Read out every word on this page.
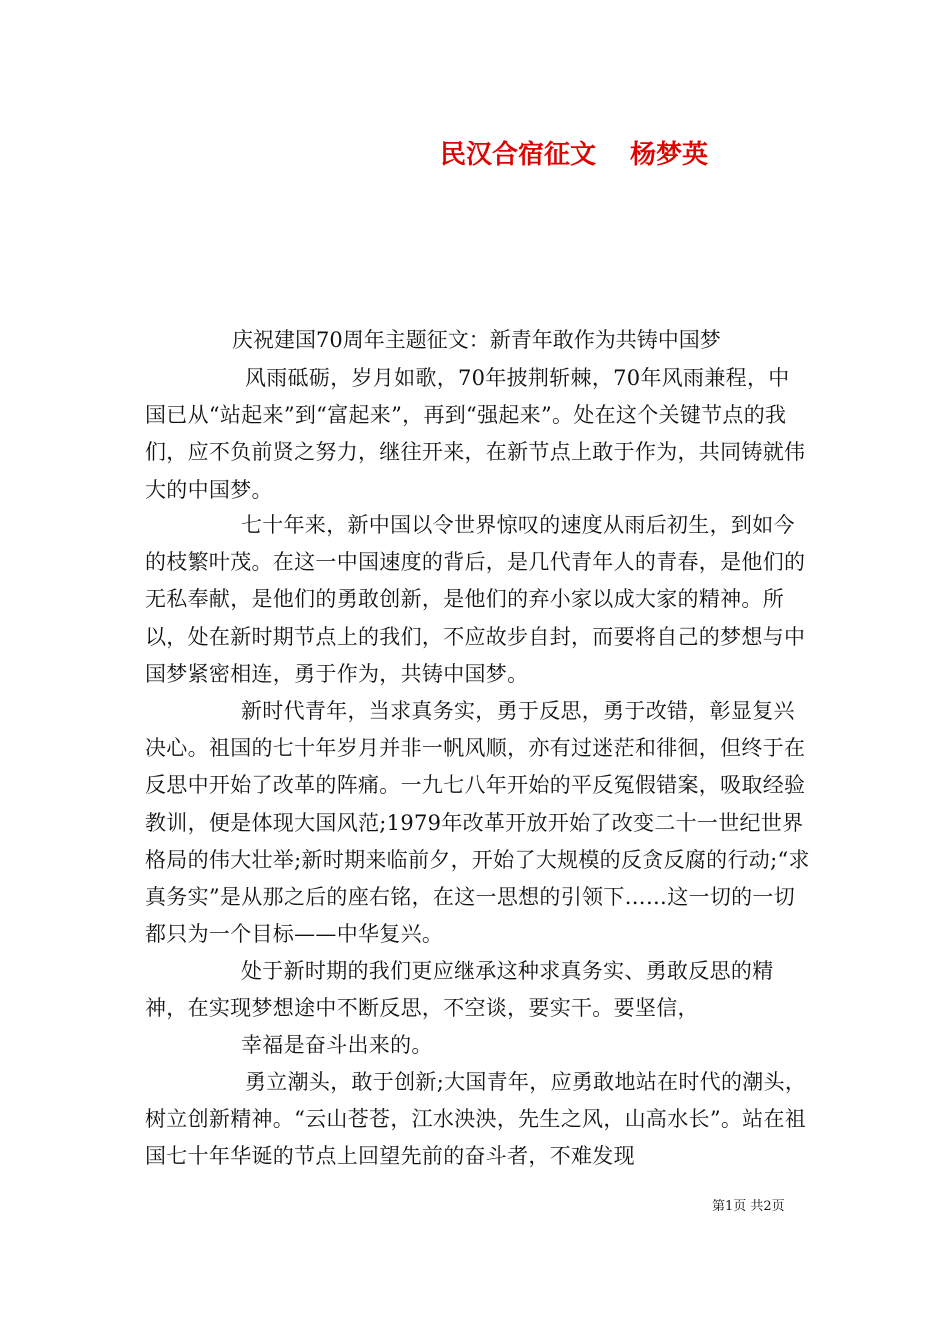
民汉合宿征文 杨梦英
庆祝建国70周年主题征文：新青年敢作为共铸中国梦

风雨砥砺，岁月如歌，70年披荆斩棘，70年风雨兼程，中国已从“站起来”到“富起来”，再到“强起来”。处在这个关键节点的我们，应不负前贤之努力，继往开来，在新节点上敢于作为，共同铸就伟大的中国梦。

七十年来，新中国以令世界惊叹的速度从雨后初生，到如今的枝繁叶茂。在这一中国速度的背后，是几代青年人的青春，是他们的无私奉献，是他们的勇敢创新，是他们的弃小家以成大家的精神。所以，处在新时期节点上的我们，不应故步自封，而要将自己的梦想与中国梦紧密相连，勇于作为，共铸中国梦。

新时代青年，当求真务实，勇于反思，勇于改错，彰显复兴决心。祖国的七十年岁月并非一帆风顺，亦有过迷茫和徘徊，但终于在反思中开始了改革的阵痛。一九七八年开始的平反冤假错案，吸取经验教训，便是体现大国风范;1979年改革开放开始了改变二十一世纪世界格局的伟大壮举;新时期来临前夕，开始了大规模的反贪反腐的行动;“求真务实”是从那之后的座右铭，在这一思想的引领下……这一切的一切都只为一个目标——中华复兴。

处于新时期的我们更应继承这种求真务实、勇敢反思的精神，在实现梦想途中不断反思，不空谈，要实干。要坚信，

幸福是奋斗出来的。

勇立潮头，敢于创新;大国青年，应勇敢地站在时代的潮头，树立创新精神。“云山苍苍，江水泱泱，先生之风，山高水长”。站在祖国七十年华诞的节点上回望先前的奋斗者，不难发现

第1页 共2页
